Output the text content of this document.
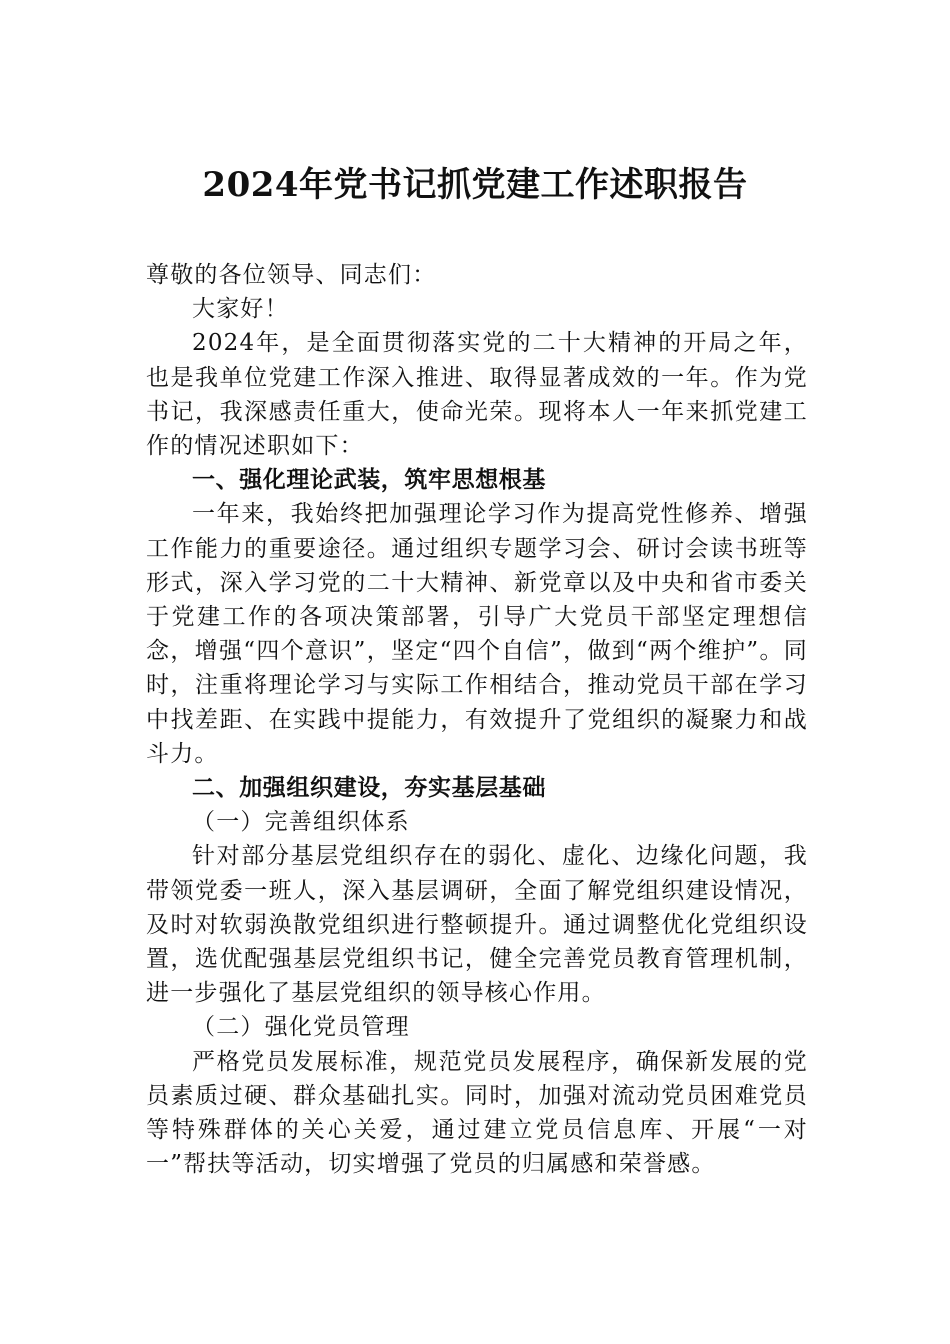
2024年党书记抓党建工作述职报告

尊敬的各位领导、同志们：

大家好！

2024年，是全面贯彻落实党的二十大精神的开局之年，也是我单位党建工作深入推进、取得显著成效的一年。作为党书记，我深感责任重大，使命光荣。现将本人一年来抓党建工作的情况述职如下：

一、强化理论武装，筑牢思想根基

一年来，我始终把加强理论学习作为提高党性修养、增强工作能力的重要途径。通过组织专题学习会、研讨会读书班等形式，深入学习党的二十大精神、新党章以及中央和省市委关于党建工作的各项决策部署，引导广大党员干部坚定理想信念，增强“四个意识”，坚定“四个自信”，做到“两个维护”。同时，注重将理论学习与实际工作相结合，推动党员干部在学习中找差距、在实践中提能力，有效提升了党组织的凝聚力和战斗力。

二、加强组织建设，夯实基层基础

（一）完善组织体系

针对部分基层党组织存在的弱化、虚化、边缘化问题，我带领党委一班人，深入基层调研，全面了解党组织建设情况，及时对软弱涣散党组织进行整顿提升。通过调整优化党组织设置，选优配强基层党组织书记，健全完善党员教育管理机制，进一步强化了基层党组织的领导核心作用。

（二）强化党员管理

严格党员发展标准，规范党员发展程序，确保新发展的党员素质过硬、群众基础扎实。同时，加强对流动党员困难党员等特殊群体的关心关爱，通过建立党员信息库、开展“一对一”帮扶等活动，切实增强了党员的归属感和荣誉感。
